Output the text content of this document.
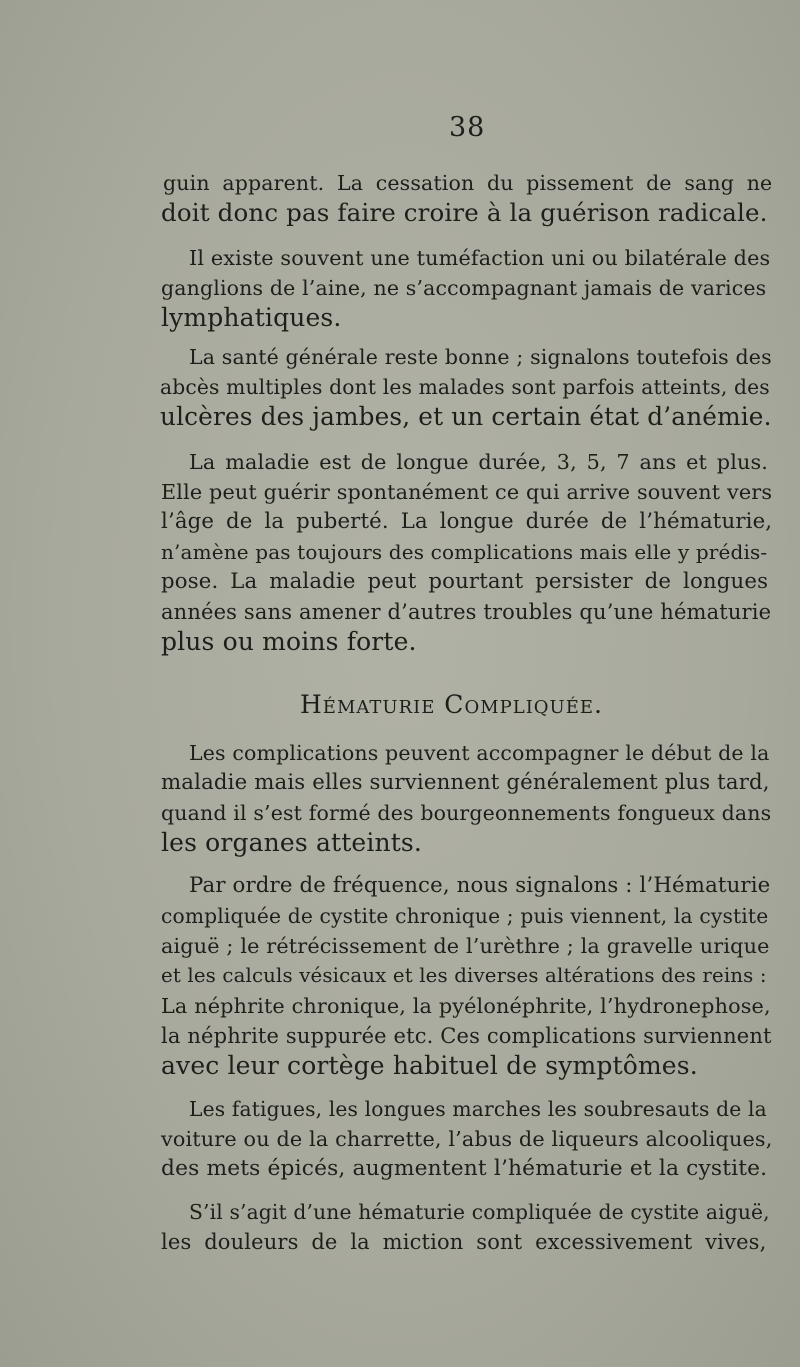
38
guin apparent. La cessation du pissement de sang ne
doit donc pas faire croire à la guérison radicale.
Il existe souvent une tuméfaction uni ou bilatérale des
ganglions de l’aine, ne s’accompagnant jamais de varices
lymphatiques.
La santé générale reste bonne ; signalons toutefois des
abcès multiples dont les malades sont parfois atteints, des
ulcères des jambes, et un certain état d’anémie.
La maladie est de longue durée, 3, 5, 7 ans et plus.
Elle peut guérir spontanément ce qui arrive souvent vers
l’âge de la puberté. La longue durée de l’hématurie,
n’amène pas toujours des complications mais elle y prédis-
pose. La maladie peut pourtant persister de longues
années sans amener d’autres troubles qu’une hématurie
plus ou moins forte.
Hématurie Compliquée.
Les complications peuvent accompagner le début de la
maladie mais elles surviennent généralement plus tard,
quand il s’est formé des bourgeonnements fongueux dans
les organes atteints.
Par ordre de fréquence, nous signalons : l’Hématurie
compliquée de cystite chronique ; puis viennent, la cystite
aiguë ; le rétrécissement de l’urèthre ; la gravelle urique
et les calculs vésicaux et les diverses altérations des reins :
La néphrite chronique, la pyélonéphrite, l’hydronephose,
la néphrite suppurée etc. Ces complications surviennent
avec leur cortège habituel de symptômes.
Les fatigues, les longues marches les soubresauts de la
voiture ou de la charrette, l’abus de liqueurs alcooliques,
des mets épicés, augmentent l’hématurie et la cystite.
S’il s’agit d’une hématurie compliquée de cystite aiguë,
les douleurs de la miction sont excessivement vives,
